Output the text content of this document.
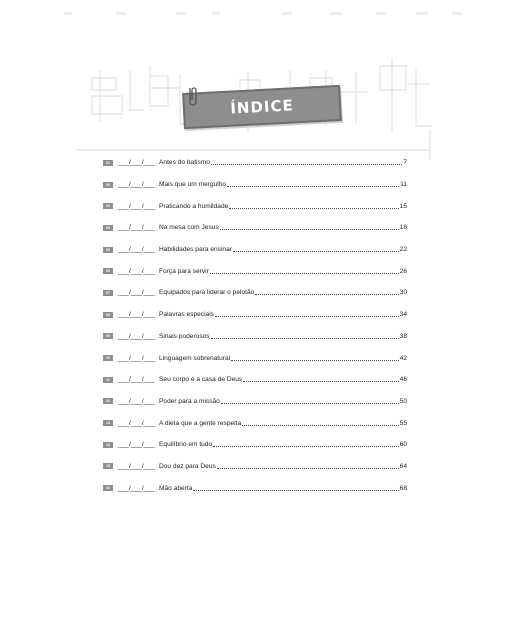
ÍNDICE
01	___/___/___ Antes do batismo	7
02	___/___/___ Mais que um mergulho	11
03	___/___/___ Praticando a humildade	15
04	___/___/___ Na mesa com Jesus	18
05	___/___/___ Habilidades para ensinar	22
06	___/___/___ Força para servir	26
07	___/___/___ Equipados para liderar o pelotão	30
08	___/___/___ Palavras especiais	34
09	___/___/___ Sinais poderosos	38
10	___/___/___ Linguagem sobrenatural	42
11	___/___/___ Seu corpo é a casa de Deus	46
12	___/___/___ Poder para a missão	50
13	___/___/___ A dieta que a gente respeita	55
14	___/___/___ Equilíbrio em tudo	60
15	___/___/___ Dou dez para Deus	64
16	___/___/___ Mão aberta	68
